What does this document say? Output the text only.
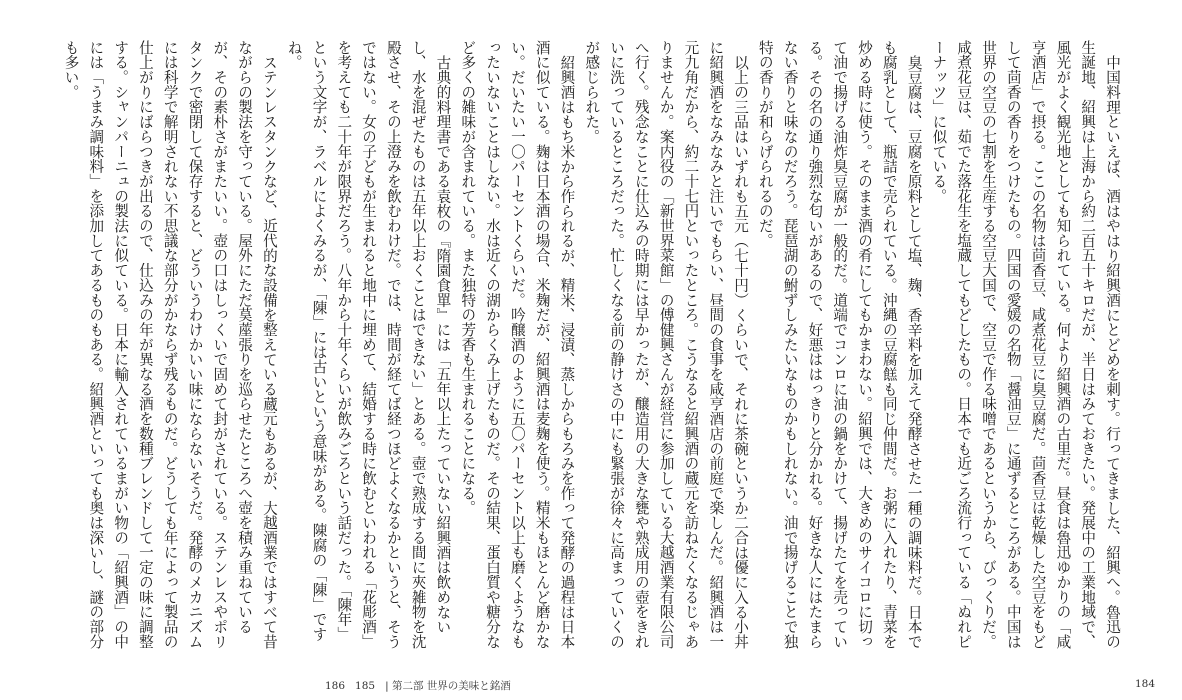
中国料理といえば、酒はやはり紹興酒にとどめを刺す。行ってきました、紹興へ。魯迅の生誕地、紹興は上海から約二百五十キロだが、半日はみておきたい。発展中の工業地域で、風光がよく観光地としても知られている。何より紹興酒の古里だ。昼食は魯迅ゆかりの「咸亨酒店」で摂る。ここの名物は茴香豆、咸煮花豆に臭豆腐だ。茴香豆は乾燥した空豆をもどして茴香の香りをつけたもの。四国の愛媛の名物「醤油豆」に通ずるところがある。中国は世界の空豆の七割を生産する空豆大国で、空豆で作る味噌であるというから、びっくりだ。咸煮花豆は、茹でた落花生を塩蔵してもどしたもの。日本でも近ごろ流行っている「ぬれピーナッツ」に似ている。

臭豆腐は、豆腐を原料として塩、麹、香辛料を加えて発酵させた一種の調味料だ。日本でも腐乳として、瓶詰で売られている。沖縄の豆腐餻も同じ仲間だ。お粥に入れたり、青菜を炒める時に使う。そのまま酒の肴にしてもかまわない。紹興では、大きめのサイコロに切って油で揚げる油炸臭豆腐が一般的だ。道端でコンロに油の鍋をかけて、揚げたてを売っている。その名の通り強烈な匂いがあるので、好悪ははっきりと分かれる。好きな人にはたまらない香りと味なのだろう。琵琶湖の鮒ずしみたいなものかもしれない。油で揚げることで独特の香りが和らげられるのだ。

以上の三品はいずれも五元（七十円）くらいで、それに茶碗というか二合は優に入る小丼に紹興酒をなみなみと注いでもらい、昼間の食事を咸亨酒店の前庭で楽しんだ。紹興酒は一元九角だから、約二十七円といったところ。こうなると紹興酒の蔵元を訪ねたくなるじゃありませんか。案内役の「新世界菜館」の傅健興さんが経営に参加している大越酒業有限公司へ行く。残念なことに仕込みの時期には早かったが、醸造用の大きな甕や熟成用の壺をきれいに洗っているところだった。忙しくなる前の静けさの中にも緊張が徐々に高まっていくのが感じられた。

紹興酒はもち米から作られるが、精米、浸漬、蒸しからもろみを作って発酵の過程は日本酒に似ている。麹は日本酒の場合、米麹だが、紹興酒は麦麹を使う。精米もほとんど磨かない。だいたい一〇パーセントくらいだ。吟醸酒のように五〇パーセント以上も磨くようなもったいないことはしない。水は近くの湖からくみ上げたものだ。その結果、蛋白質や糖分など多くの雑味が含まれている。また独特の芳香も生まれることになる。

古典的料理書である袁枚の『隋園食單』には「五年以上たっていない紹興酒は飲めないし、水を混ぜたものは五年以上おくことはできない」とある。壺で熟成する間に夾雑物を沈殿させ、その上澄みを飲むわけだ。では、時間が経てば経つほどよくなるかというと、そうではない。女の子どもが生まれると地中に埋めて、結婚する時に飲むといわれる「花彫酒」を考えても二十年が限界だろう。八年から十年くらいが飲みごろという話だった。「陳年」という文字が、ラベルによくみるが、「陳」には古いという意味がある。陳腐の「陳」ですね。

ステンレスタンクなど、近代的な設備を整えている蔵元もあるが、大越酒業ではすべて昔ながらの製法を守っている。屋外にただ茣蓙張りを巡らせたところへ壺を積み重ねているが、その素朴さがまたいい。壺の口はしっくいで固めて封がされている。ステンレスやポリタンクで密閉して保存すると、どういうわけかいい味にならないそうだ。発酵のメカニズムには科学で解明されない不思議な部分がかならず残るものだ。どうしても年によって製品の仕上がりにばらつきが出るので、仕込みの年が異なる酒を数種ブレンドして一定の味に調整する。シャンパーニュの製法に似ている。日本に輸入されているまがい物の「紹興酒」の中には「うまみ調味料」を添加してあるものもある。紹興酒といっても奥は深いし、謎の部分も多い。

186 185 | 第二部 世界の美味と銘酒	184
